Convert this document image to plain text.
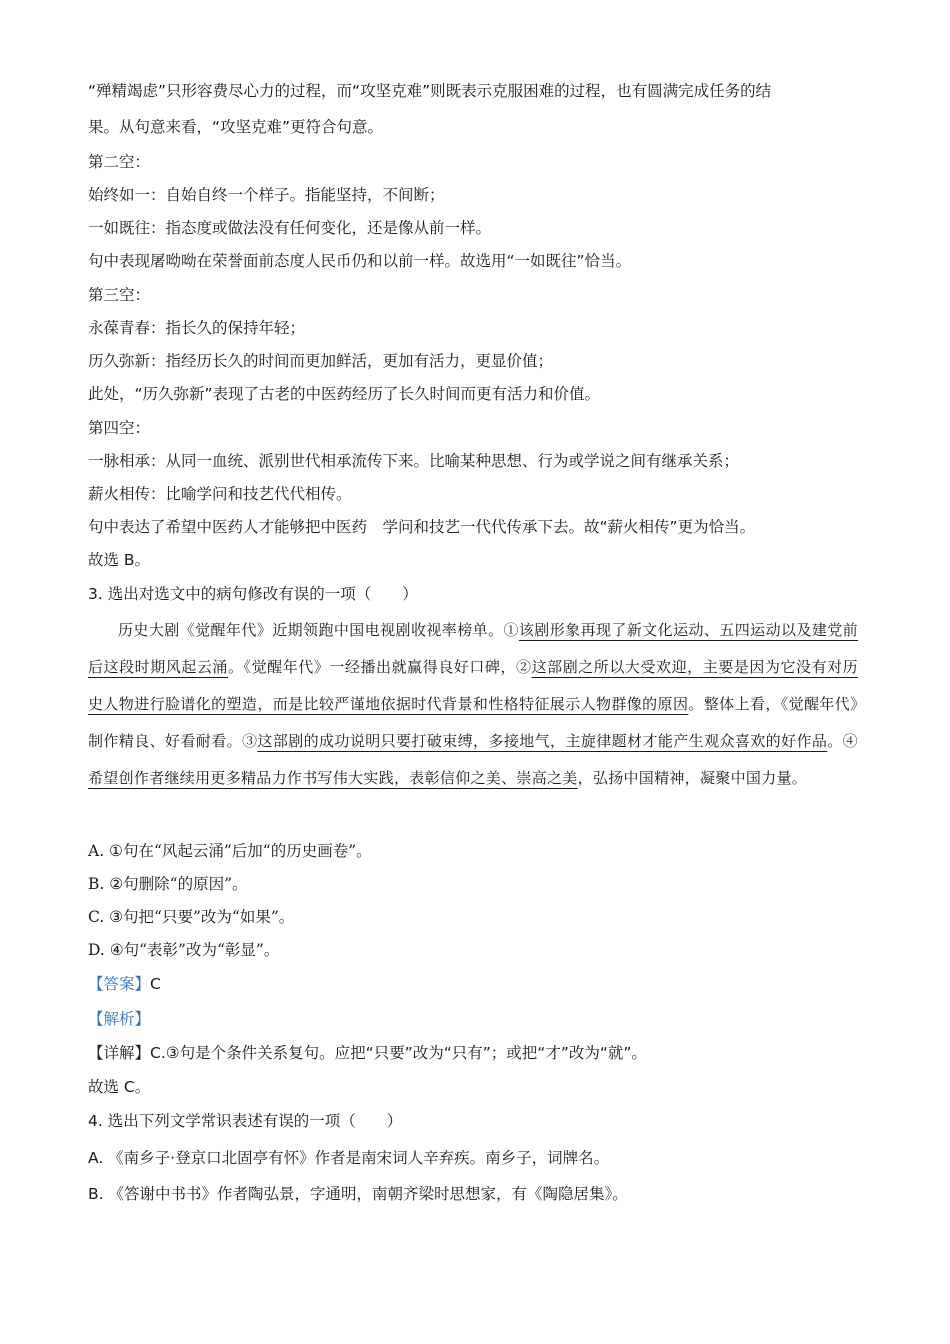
“殚精竭虑”只形容费尽心力的过程，而“攻坚克难”则既表示克服困难的过程，也有圆满完成任务的结
果。从句意来看，“攻坚克难”更符合句意。
第二空：
始终如一：自始自终一个样子。指能坚持，不间断；
一如既往：指态度或做法没有任何变化，还是像从前一样。
句中表现屠呦呦在荣誉面前态度人民币仍和以前一样。故选用“一如既往”恰当。
第三空：
永葆青春：指长久的保持年轻；
历久弥新：指经历长久的时间而更加鲜活，更加有活力，更显价值；
此处，“历久弥新”表现了古老的中医药经历了长久时间而更有活力和价值。
第四空：
一脉相承：从同一血统、派别世代相承流传下来。比喻某种思想、行为或学说之间有继承关系；
薪火相传：比喻学问和技艺代代相传。
句中表达了希望中医药人才能够把中医药　学问和技艺一代代传承下去。故“薪火相传”更为恰当。
故选 B。
3. 选出对选文中的病句修改有误的一项（　　）
历史大剧《觉醒年代》近期领跑中国电视剧收视率榜单。①该剧形象再现了新文化运动、五四运动以及建党前后这段时期风起云涌。《觉醒年代》一经播出就赢得良好口碑，②这部剧之所以大受欢迎，主要是因为它没有对历史人物进行脸谱化的塑造，而是比较严谨地依据时代背景和性格特征展示人物群像的原因。整体上看，《觉醒年代》制作精良、好看耐看。③这部剧的成功说明只要打破束缚，多接地气，主旋律题材才能产生观众喜欢的好作品。④希望创作者继续用更多精品力作书写伟大实践，表彰信仰之美、崇高之美，弘扬中国精神，凝聚中国力量。
A. ①句在“风起云涌”后加“的历史画卷”。
B. ②句删除“的原因”。
C. ③句把“只要”改为“如果”。
D. ④句“表彰”改为“彰显”。
【答案】C
【解析】
【详解】C.③句是个条件关系复句。应把“只要”改为“只有”；或把“才”改为“就”。
故选 C。
4. 选出下列文学常识表述有误的一项（　　）
A. 《南乡子·登京口北固亭有怀》作者是南宋词人辛弃疾。南乡子，词牌名。
B. 《答谢中书书》作者陶弘景，字通明，南朝齐梁时思想家，有《陶隐居集》。
